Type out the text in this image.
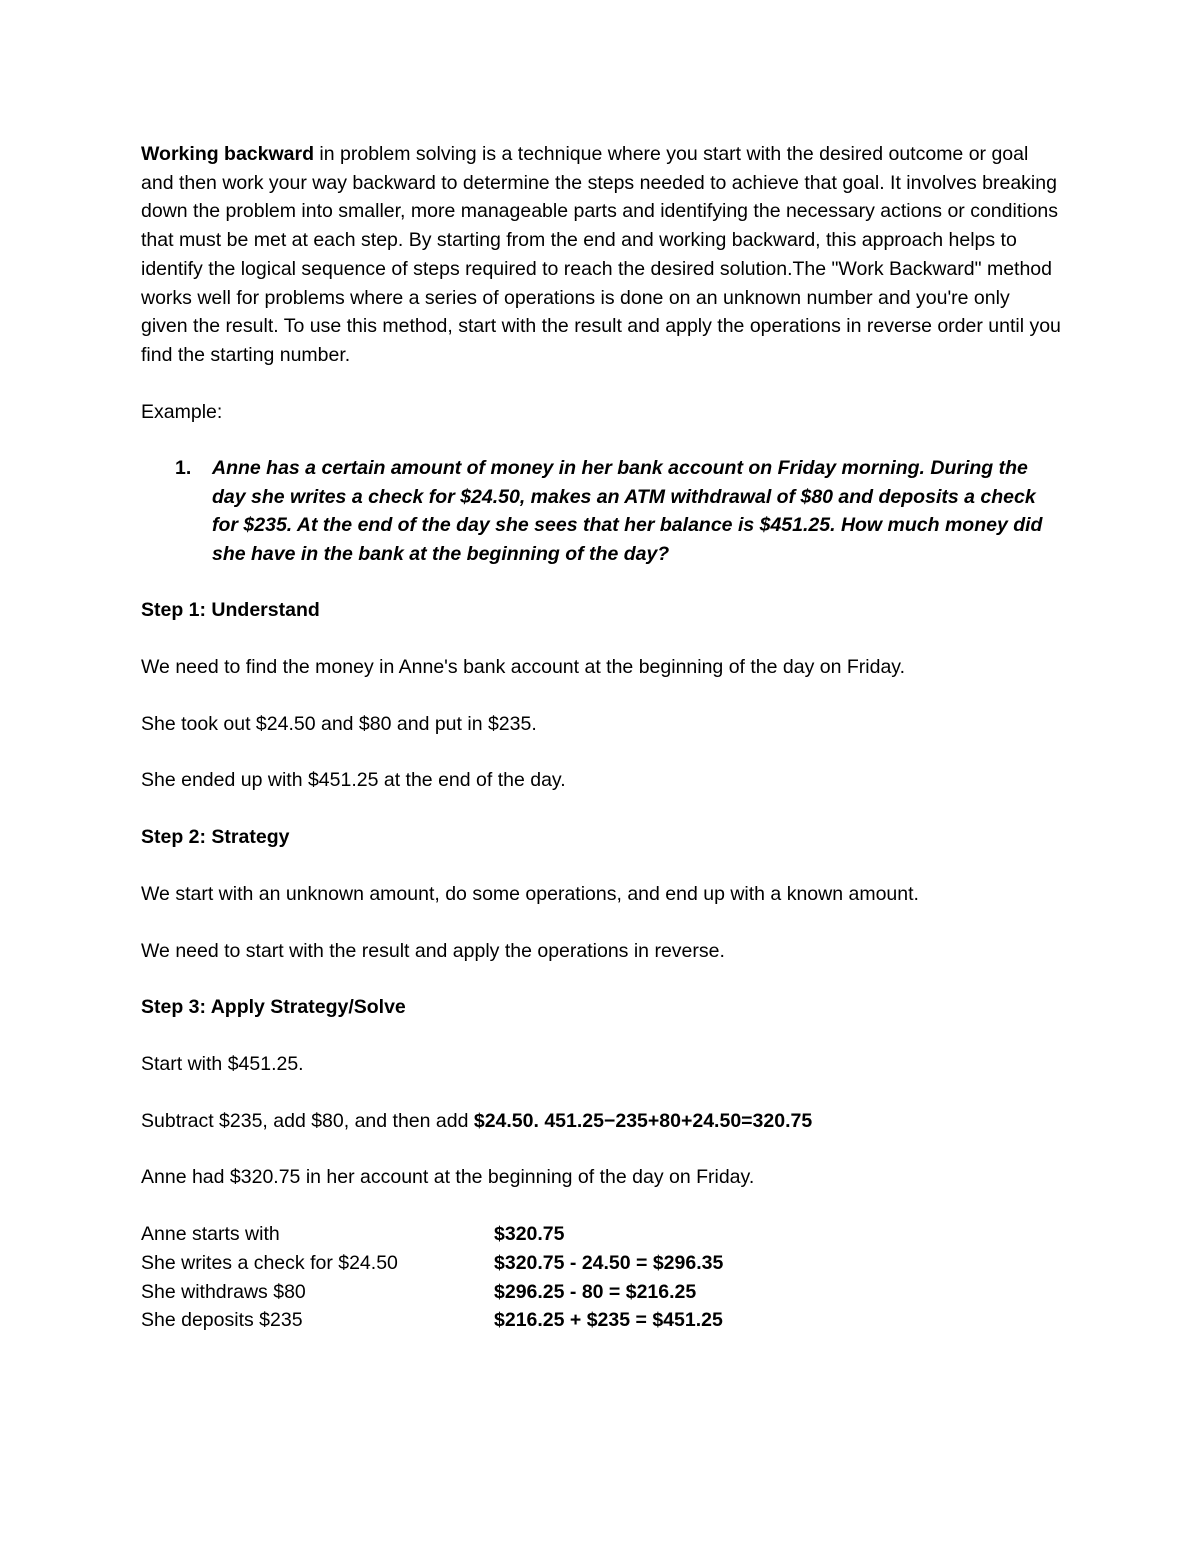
Working backward in problem solving is a technique where you start with the desired outcome or goal and then work your way backward to determine the steps needed to achieve that goal. It involves breaking down the problem into smaller, more manageable parts and identifying the necessary actions or conditions that must be met at each step. By starting from the end and working backward, this approach helps to identify the logical sequence of steps required to reach the desired solution.The "Work Backward" method works well for problems where a series of operations is done on an unknown number and you're only given the result. To use this method, start with the result and apply the operations in reverse order until you find the starting number.

Example:

1. Anne has a certain amount of money in her bank account on Friday morning. During the day she writes a check for $24.50, makes an ATM withdrawal of $80 and deposits a check for $235. At the end of the day she sees that her balance is $451.25. How much money did she have in the bank at the beginning of the day?

Step 1: Understand

We need to find the money in Anne's bank account at the beginning of the day on Friday.

She took out $24.50 and $80 and put in $235.

She ended up with $451.25 at the end of the day.

Step 2: Strategy

We start with an unknown amount, do some operations, and end up with a known amount.

We need to start with the result and apply the operations in reverse.

Step 3: Apply Strategy/Solve

Start with $451.25.

Subtract $235, add $80, and then add $24.50. 451.25−235+80+24.50=320.75

Anne had $320.75 in her account at the beginning of the day on Friday.

Anne starts with	$320.75
She writes a check for $24.50	$320.75 - 24.50 = $296.35
She withdraws $80	$296.25 - 80 = $216.25
She deposits $235	$216.25 + $235 = $451.25
